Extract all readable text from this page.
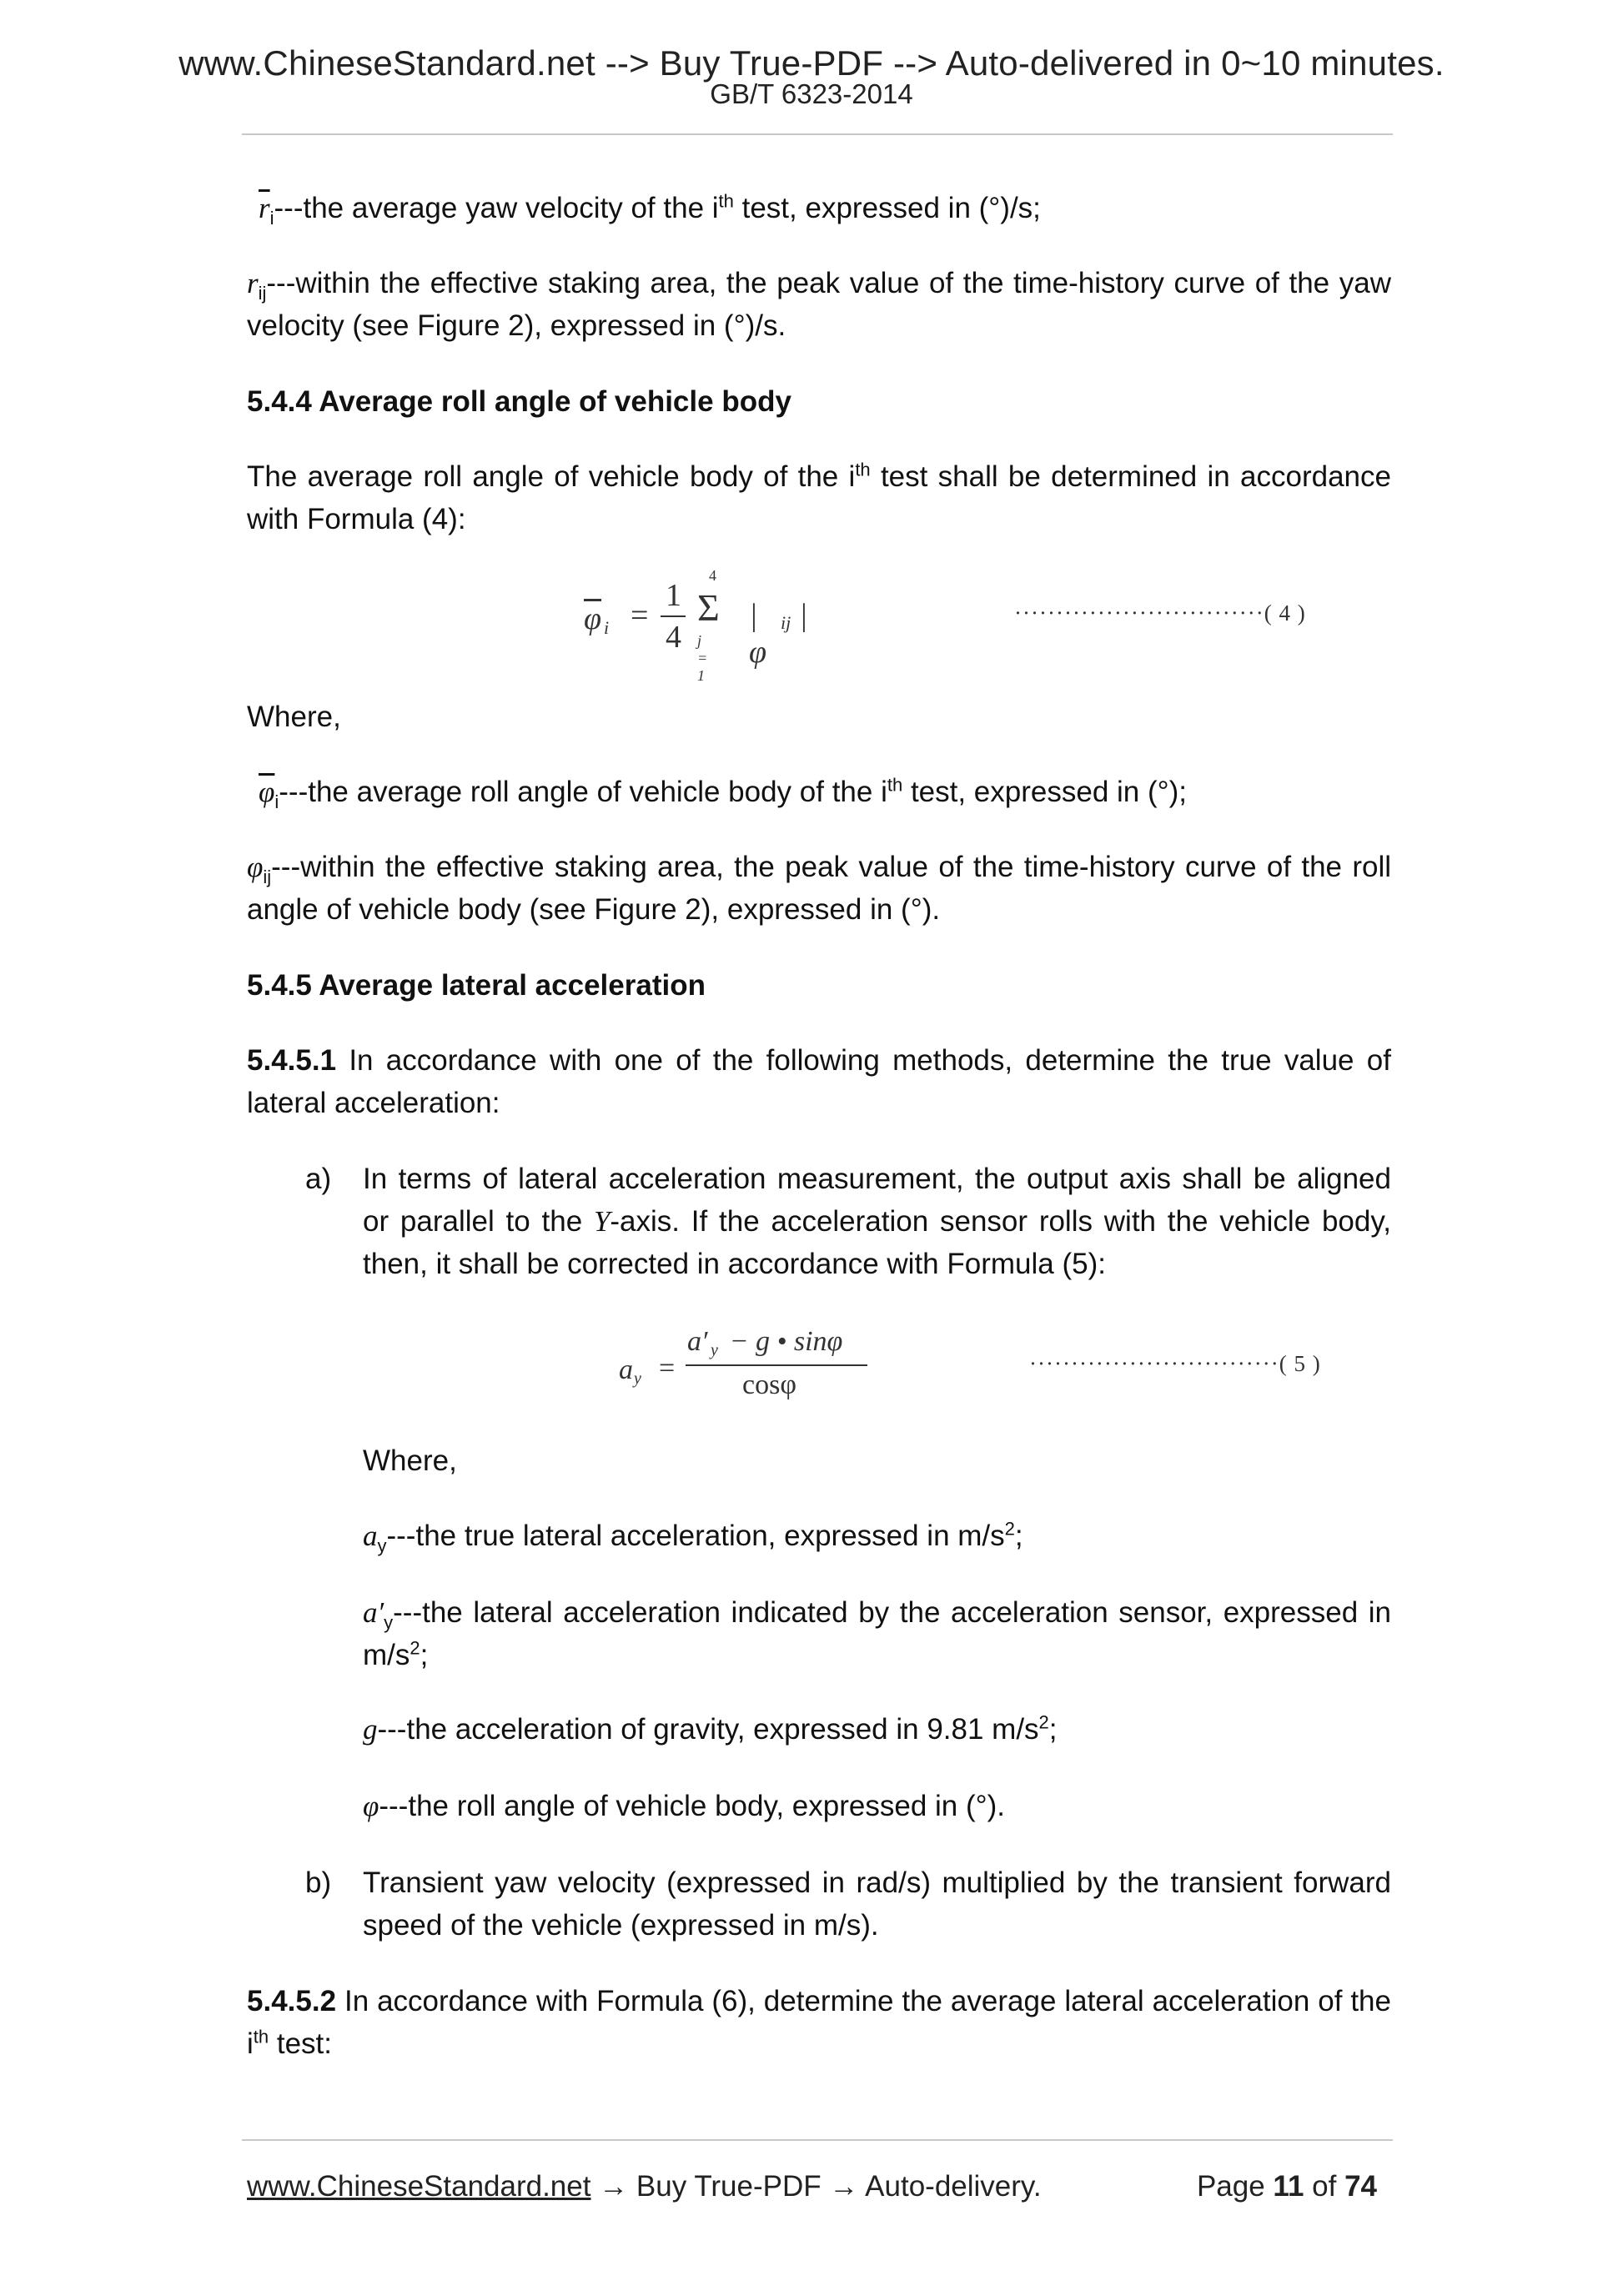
www.ChineseStandard.net --> Buy True-PDF --> Auto-delivered in 0~10 minutes.
GB/T 6323-2014
$\overline{r}_i--$-the average yaw velocity of the $i^{th}$ test, expressed in (°)/s;
$r_{ij}--$-within the effective staking area, the peak value of the time-history curve of the yaw velocity (see Figure 2), expressed in (°)/s.
5.4.4 Average roll angle of vehicle body
The average roll angle of vehicle body of the $i^{th}$ test shall be determined in accordance with Formula (4):
$\overline{\varphi}$ i =
1
4
4
Σ
j = 1
| φ
ij |	······························( 4 )
Where,
$\overline{\varphi}_i--$-the average roll angle of vehicle body of the $i^{th}$ test, expressed in (°);
$\varphi_{ij}--$-within the effective staking area, the peak value of the time-history curve of the roll angle of vehicle body (see Figure 2), expressed in (°).
5.4.5 Average lateral acceleration
5.4.5.1 In accordance with one of the following methods, determine the true value of lateral acceleration:
a) In terms of lateral acceleration measurement, the output axis shall be aligned or parallel to the Y-axis. If the acceleration sensor rolls with the vehicle body, then, it shall be corrected in accordance with Formula (5):
a y =
a′ y − g • sinφ
cosφ
······························( 5 )
Where,
$a_y--$-the true lateral acceleration, expressed in $m/s^2$;
$a'_y--$-the lateral acceleration indicated by the acceleration sensor, expressed in $m/s^2$;
g---the acceleration of gravity, expressed in 9.81 $m/s^2$;
φ---the roll angle of vehicle body, expressed in (°).
b) Transient yaw velocity (expressed in rad/s) multiplied by the transient forward speed of the vehicle (expressed in m/s).
5.4.5.2 In accordance with Formula (6), determine the average lateral acceleration of the $i^{th}$ test:
www.ChineseStandard.net → Buy True-PDF → Auto-delivery.	Page 11 of 74
